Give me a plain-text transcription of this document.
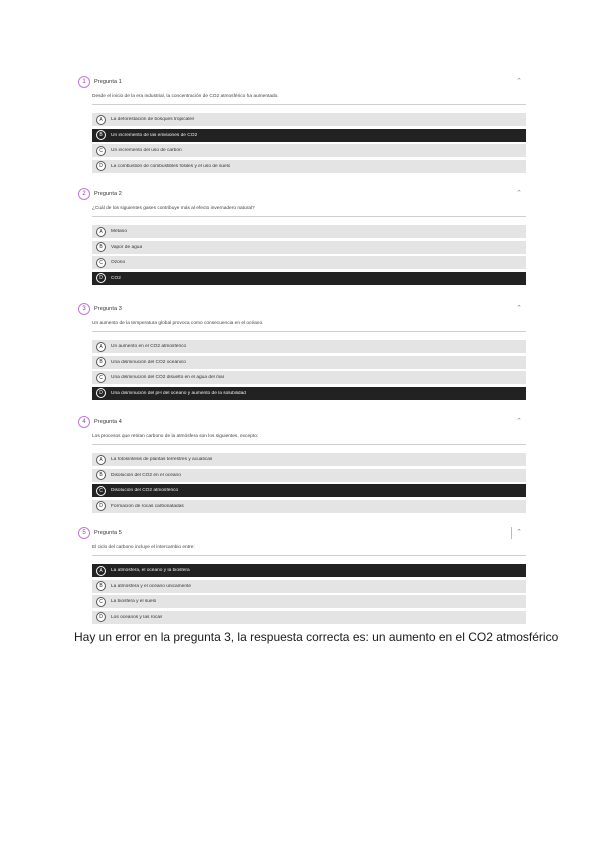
1	Pregunta 1	⌃
Desde el inicio de la era industrial, la concentración de CO2 atmosférico ha aumentado.
A	La deforestación de bosques tropicales
B	Un incremento de las emisiones de CO2
C	Un incremento del uso de carbón
D	La combustión de combustibles fósiles y el uso de suelo
2	Pregunta 2	⌃
¿Cuál de los siguientes gases contribuye más al efecto invernadero natural?
A	Metano
B	Vapor de agua
C	Ozono
D	CO2
3	Pregunta 3	⌃
Un aumento de la temperatura global provoca como consecuencia en el océano.
A	Un aumento en el CO2 atmosférico
B	Una disminución del CO2 oceánico
C	Una disminución del CO2 disuelto en el agua del mar
D	Una disminución del pH del océano y aumento de la solubilidad
4	Pregunta 4	⌃
Los procesos que retiran carbono de la atmósfera son los siguientes, excepto:
A	La fotosíntesis de plantas terrestres y acuáticas
B	Disolución del CO2 en el océano
C	Disolución del CO2 atmosférico
D	Formación de rocas carbonatadas
5	Pregunta 5	⌃
El ciclo del carbono incluye el intercambio entre:
A	La atmósfera, el océano y la biosfera
B	La atmósfera y el océano únicamente
C	La biosfera y el suelo
D	Los océanos y las rocas
Hay un error en la pregunta 3, la respuesta correcta es: un aumento en el CO2 atmosférico
